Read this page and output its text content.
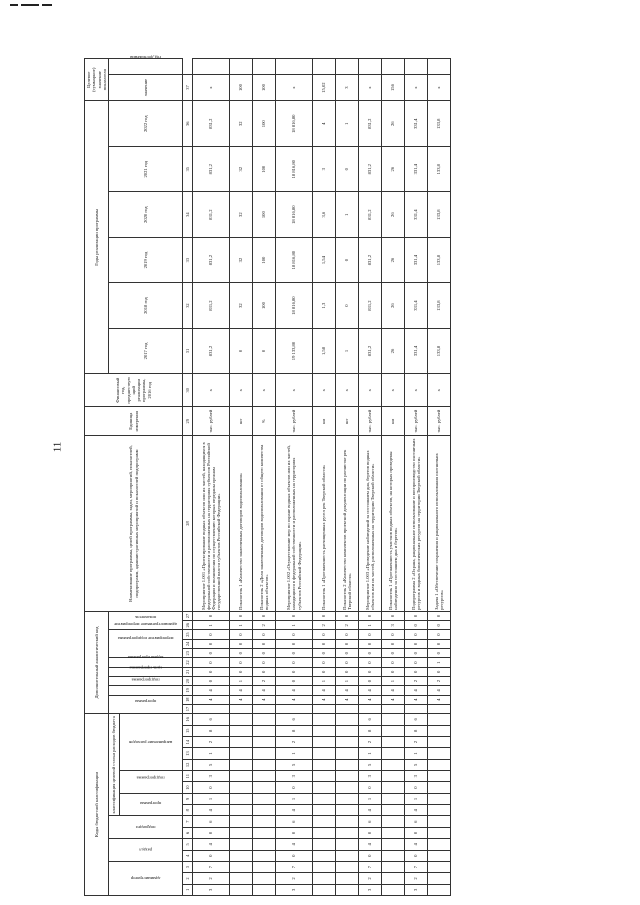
11
Коды бюджетной классификации																Дополнительный аналитический код											Наименование программы, целей программы, задач, мероприятий, показателей, подпрограмм, административных мероприятий и показателей подпрограмм	Единица измерения	Финансовый год, предшествующий реализации программы, 2016 год	Годы реализации программы						Целевое (суммарное) значение показателя	
администратор			раздел		подраздел		классификация целевой статьи расходов бюджета									программа		подпрограмма	цель программы	задача программы	мероприятие подпрограммы	административное мероприятие			показатель					2017 год	2018 год	2019 год	2020 год	2021 год	2022 год	значение	год достижения
							программа		подпрограмма		направление расходов																										
1	2	3	4	5	6	7	8	9	10	11	12	13	14	15	16	17	18	19	20	21	22	23	24	25	26	27	28	29	30	31	32	33	34	35	36	37	
3	2	7	0	4	0	6	4	1	0	3	5	1	2	8	6		4	4	0	0	0	0	0	0	1	0	Мероприятие 1.001 «Проектирование водных объектов или их частей, находящихся в федеральной собственности и расположенных на территориях субъектов Российской Федерации и полномочия по осуществлению которых переданы органам государственной власти субъектов Российской Федерации»	тыс. рублей	х	831,2	831,2	831,2	831,2	831,2	831,2	x	
																	4	4	1	0	0	0	0	0	1	0	Показатель 1 «Количество заключенных договоров водопользования»	шт	х	0	32	32	32	32	32	100	
																	4	4	2	0	0	0	0	0	2	0	Показатель 2 «Доля заключенных договоров водопользования от общего количества водных объектов»	%	х	0	100	100	100	100	100	100	
3	2	7	0	4	0	6	4	1	0	3	5	1	2	8	6		4	4	0	0	0	0	0	0	1	0	Мероприятие 1.002 «Осуществление мер по охране водных объектов или их частей, находящихся в федеральной собственности и расположенных на территориях субъектов Российской Федерации»	тыс. рублей	х	19 133,80	18 816,80	18 816,80	18 816,80	18 816,80	18 816,80	х	
																	4	4	1	0	0	0	0	0	2	0	Показатель 1 «Протяженность расчищенных русел рек Тверской области»	км	х	1,58	1,3	1,54	3,6	3	4	15,02	
																	4	4	1	0	0	0	0	0	2	0	Показатель 2 «Количество комплектов проектной документации по расчистке рек Тверской области»	шт	х	1	0	0	1	0	1	3	
3	2	7	0	4	0	6	4	1	0	3	5	1	2	8	6		4	4	0	0	0	0	0	0	1	0	Мероприятие 1.003 «Проведение наблюдений за состоянием дна, берегов водных объектов или их частей, расположенных на территории Тверской области»	тыс. рублей	х	831,2	831,2	831,2	831,2	831,2	831,2	х	
																	4	4	1	0	0	0	0	0	3	0	Показатель 1 «Протяженность участков водных объектов, на которых проведены наблюдения за состоянием дна и берегов»	км	х	26	26	26	26	26	26	156	
3	2	7	0	4	0	6	4	1	0	3	5	1	2	8	6		4	4	2	0	0	0	0	0	0	0	Подпрограмма 2 «Охрана, рациональное использование и воспроизводство охотничьих ресурсов и водных биологических ресурсов на территории Тверской области»	тыс. рублей	х	331,4	331,4	331,4	331,4	331,4	331,4	х	
																	4	4	2	0	1	0	0	0	0	0	Задача 1 «Обеспечение сохранения и рационального использования охотничьих ресурсов»	тыс. рублей	х	133,8	133,8	133,8	133,8	133,8	133,8	х	
